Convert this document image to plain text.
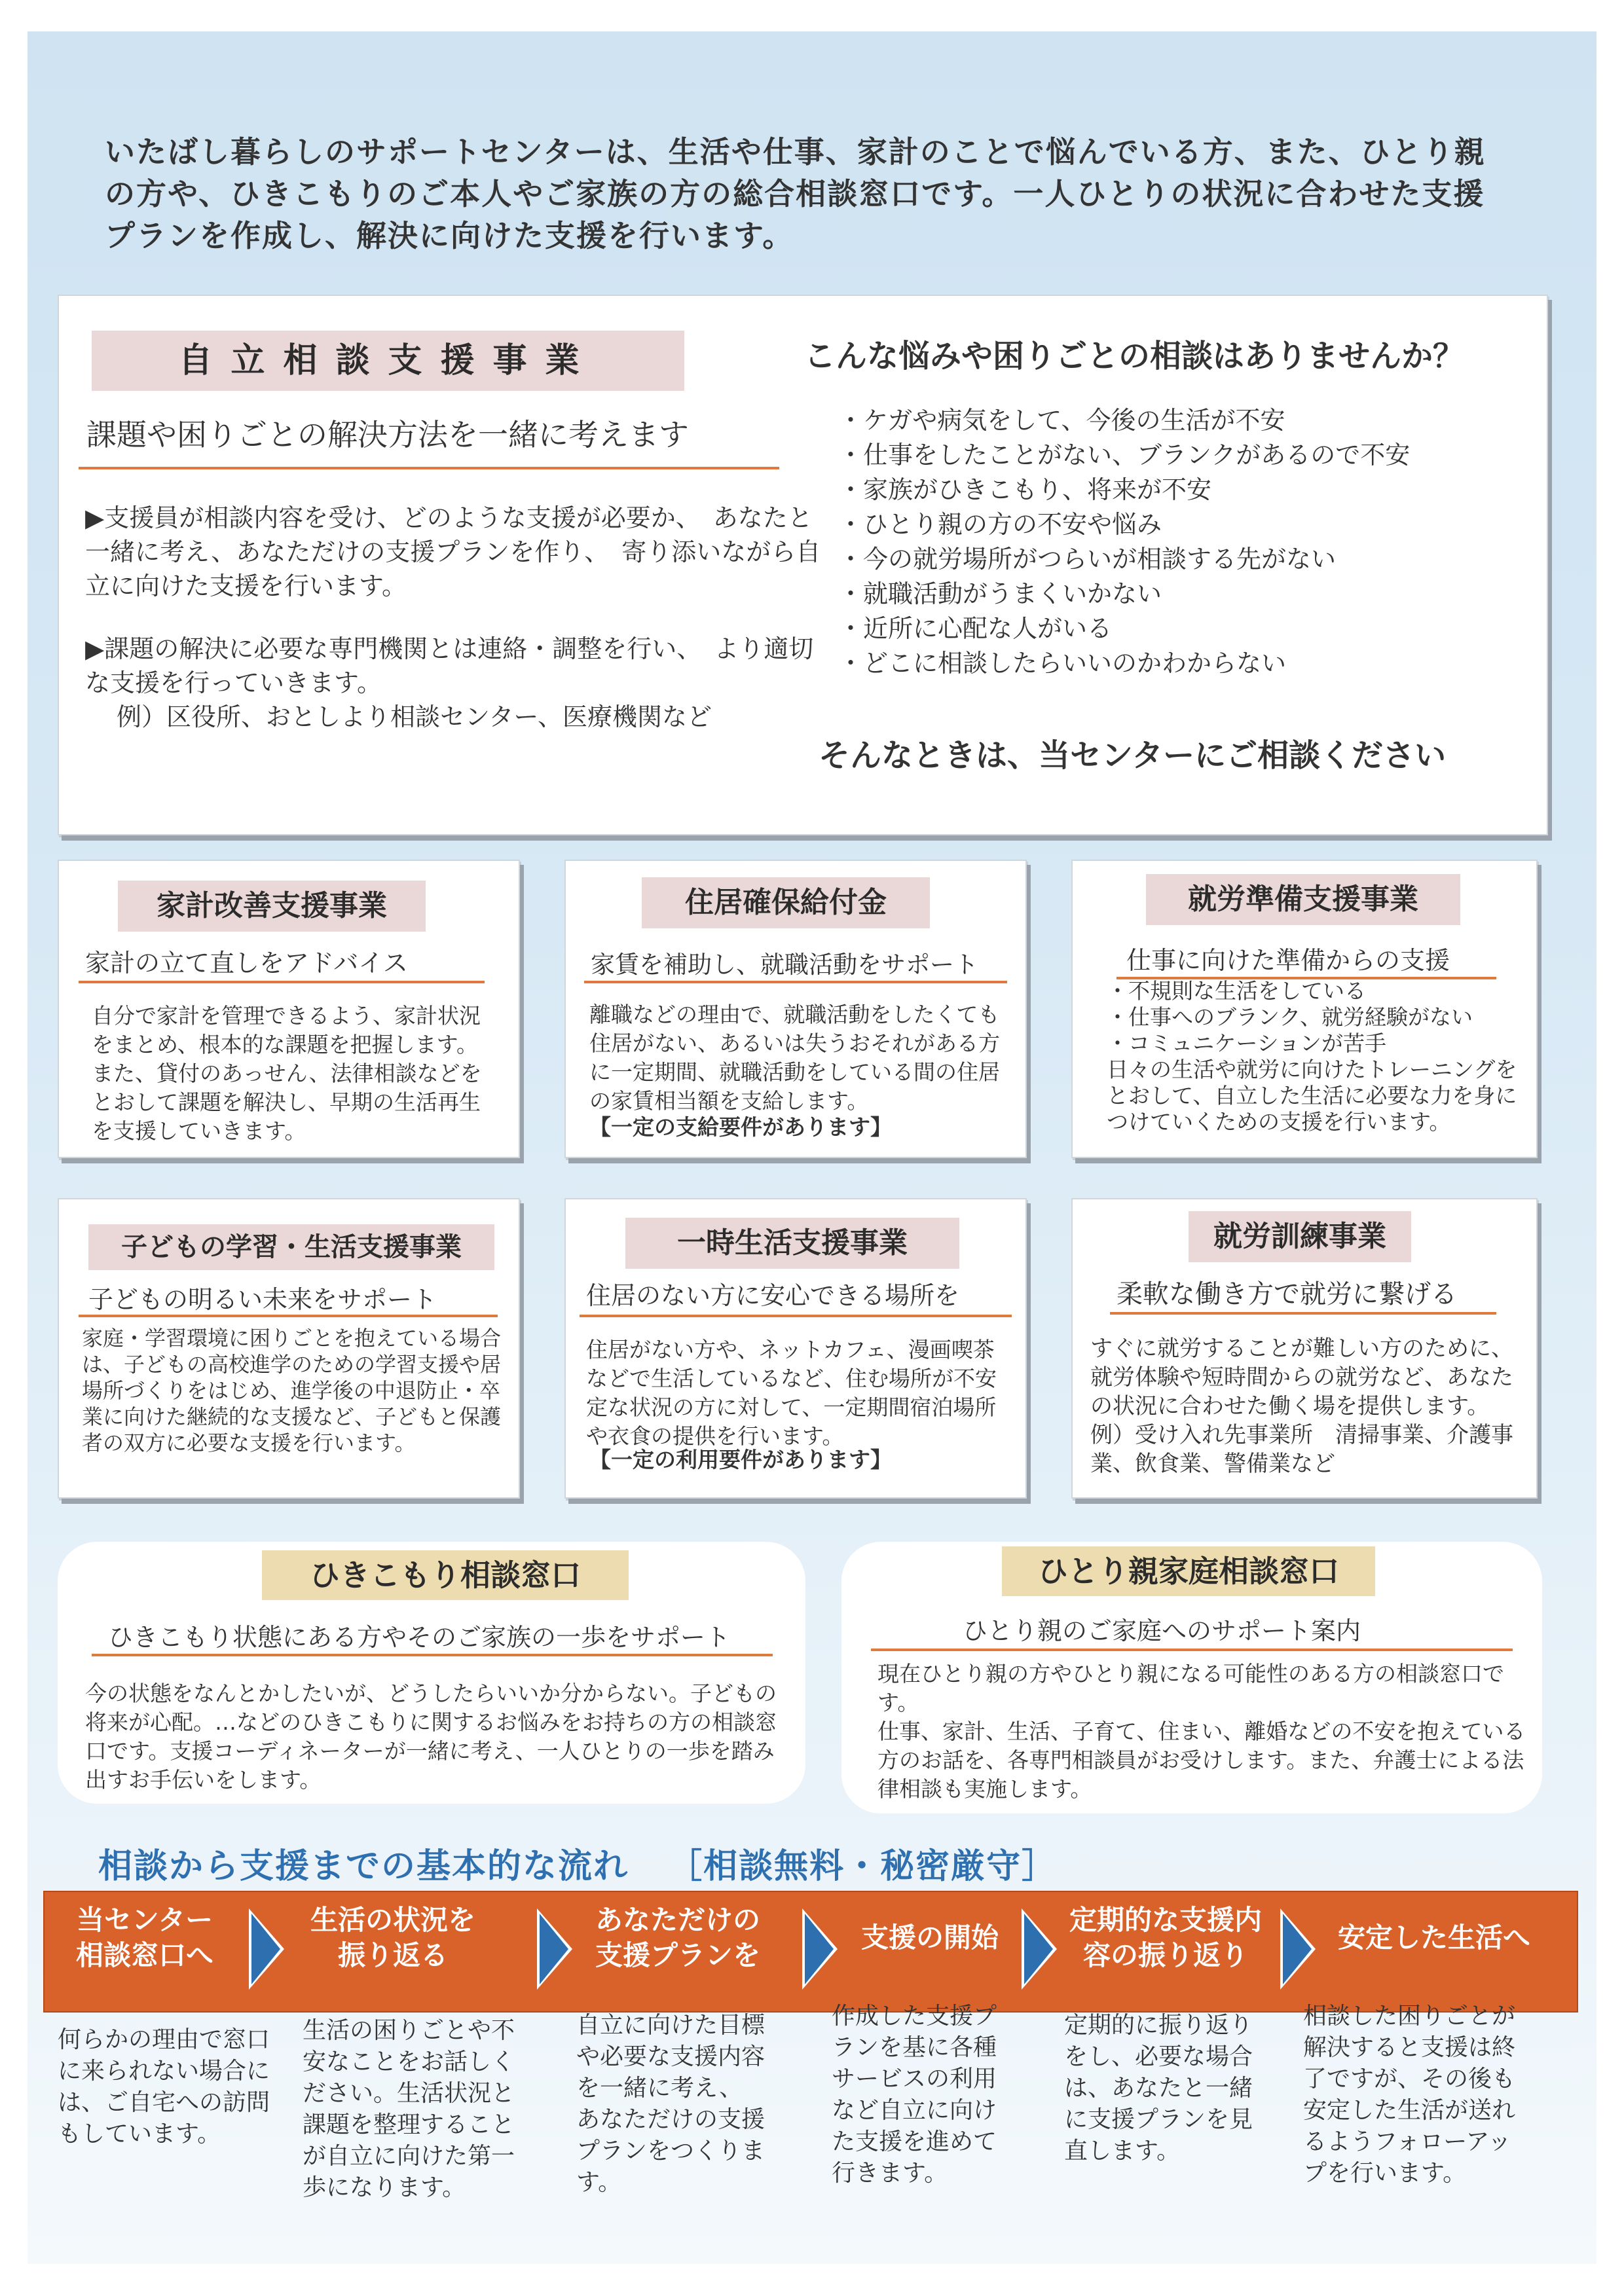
いたばし暮らしのサポートセンターは、生活や仕事、家計のことで悩んでいる方、また、ひとり親の方や、ひきこもりのご本人やご家族の方の総合相談窓口です。一人ひとりの状況に合わせた支援プランを作成し、解決に向けた支援を行います。
自立相談支援事業
課題や困りごとの解決方法を一緒に考えます
▶支援員が相談内容を受け、どのような支援が必要か、　あなたと一緒に考え、あなただけの支援プランを作り、　寄り添いながら自立に向けた支援を行います。
▶課題の解決に必要な専門機関とは連絡・調整を行い、　より適切な支援を行っていきます。
例）区役所、おとしより相談センター、医療機関など
こんな悩みや困りごとの相談はありませんか？

・ケガや病気をして、今後の生活が不安

・仕事をしたことがない、ブランクがあるので不安

・家族がひきこもり、将来が不安

・ひとり親の方の不安や悩み

・今の就労場所がつらいが相談する先がない

・就職活動がうまくいかない

・近所に心配な人がいる

・どこに相談したらいいのかわからない

そんなときは、当センターにご相談ください
家計改善支援事業
家計の立て直しをアドバイス
自分で家計を管理できるよう、家計状況をまとめ、根本的な課題を把握します。また、貸付のあっせん、法律相談などをとおして課題を解決し、早期の生活再生を支援していきます。
住居確保給付金
家賃を補助し、就職活動をサポート
離職などの理由で、就職活動をしたくても住居がない、あるいは失うおそれがある方に一定期間、就職活動をしている間の住居の家賃相当額を支給します。
【一定の支給要件があります】
就労準備支援事業
仕事に向けた準備からの支援

・不規則な生活をしている

・仕事へのブランク、就労経験がない

・コミュニケーションが苦手

日々の生活や就労に向けたトレーニングをとおして、自立した生活に必要な力を身につけていくための支援を行います。
子どもの学習・生活支援事業
子どもの明るい未来をサポート
家庭・学習環境に困りごとを抱えている場合は、子どもの高校進学のための学習支援や居場所づくりをはじめ、進学後の中退防止・卒業に向けた継続的な支援など、子どもと保護者の双方に必要な支援を行います。
一時生活支援事業
住居のない方に安心できる場所を
住居がない方や、ネットカフェ、漫画喫茶などで生活しているなど、住む場所が不安定な状況の方に対して、一定期間宿泊場所や衣食の提供を行います。
【一定の利用要件があります】
就労訓練事業
柔軟な働き方で就労に繋げる
すぐに就労することが難しい方のために、就労体験や短時間からの就労など、あなたの状況に合わせた働く場を提供します。
例）受け入れ先事業所　清掃事業、介護事業、飲食業、警備業など
ひきこもり相談窓口
ひきこもり状態にある方やそのご家族の一歩をサポート
今の状態をなんとかしたいが、どうしたらいいか分からない。子どもの将来が心配。…などのひきこもりに関するお悩みをお持ちの方の相談窓口です。支援コーディネーターが一緒に考え、一人ひとりの一歩を踏み出すお手伝いをします。
ひとり親家庭相談窓口
ひとり親のご家庭へのサポート案内

現在ひとり親の方やひとり親になる可能性のある方の相談窓口です。

仕事、家計、生活、子育て、住まい、離婚などの不安を抱えている方のお話を、各専門相談員がお受けします。また、弁護士による法律相談も実施します。

相談から支援までの基本的な流れ ［相談無料・秘密厳守］
当センター
相談窓口へ
生活の状況を
振り返る
あなただけの
支援プランを
支援の開始
定期的な支援内
容の振り返り
安定した生活へ
何らかの理由で窓口に来られない場合には、ご自宅への訪問もしています。
生活の困りごとや不安なことをお話しください。生活状況と課題を整理することが自立に向けた第一歩になります。
自立に向けた目標や必要な支援内容を一緒に考え、あなただけの支援プランをつくります。
作成した支援プランを基に各種サービスの利用など自立に向けた支援を進めて行きます。
定期的に振り返りをし、必要な場合は、あなたと一緒に支援プランを見直します。
相談した困りごとが解決すると支援は終了ですが、その後も安定した生活が送れるようフォローアップを行います。
